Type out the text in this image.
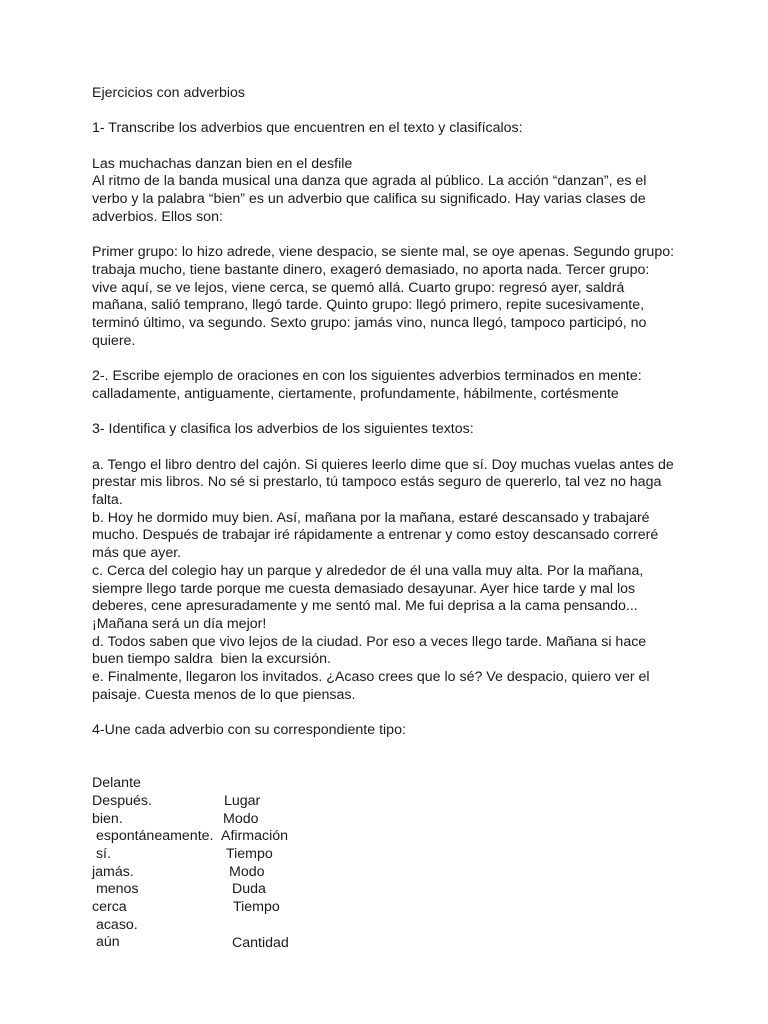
Ejercicios con adverbios

1- Transcribe los adverbios que encuentren en el texto y clasifícalos:

Las muchachas danzan bien en el desfile

Al ritmo de la banda musical una danza que agrada al público. La acción “danzan”, es el

verbo y la palabra “bien” es un adverbio que califica su significado. Hay varias clases de

adverbios. Ellos son:

Primer grupo: lo hizo adrede, viene despacio, se siente mal, se oye apenas. Segundo grupo:

trabaja mucho, tiene bastante dinero, exageró demasiado, no aporta nada. Tercer grupo:

vive aquí, se ve lejos, viene cerca, se quemó allá. Cuarto grupo: regresó ayer, saldrá

mañana, salió temprano, llegó tarde. Quinto grupo: llegó primero, repite sucesivamente,

terminó último, va segundo. Sexto grupo: jamás vino, nunca llegó, tampoco participó, no

quiere.

2-. Escribe ejemplo de oraciones en con los siguientes adverbios terminados en mente:

calladamente, antiguamente, ciertamente, profundamente, hábilmente, cortésmente

3- Identifica y clasifica los adverbios de los siguientes textos:

a. Tengo el libro dentro del cajón. Si quieres leerlo dime que sí. Doy muchas vuelas antes de

prestar mis libros. No sé si prestarlo, tú tampoco estás seguro de quererlo, tal vez no haga

falta.

b. Hoy he dormido muy bien. Así, mañana por la mañana, estaré descansado y trabajaré

mucho. Después de trabajar iré rápidamente a entrenar y como estoy descansado correré

más que ayer.

c. Cerca del colegio hay un parque y alrededor de él una valla muy alta. Por la mañana,

siempre llego tarde porque me cuesta demasiado desayunar. Ayer hice tarde y mal los

deberes, cene apresuradamente y me sentó mal. Me fui deprisa a la cama pensando...

¡Mañana será un día mejor!

d. Todos saben que vivo lejos de la ciudad. Por eso a veces llego tarde. Mañana si hace

buen tiempo saldra  bien la excursión.

e. Finalmente, llegaron los invitados. ¿Acaso crees que lo sé? Ve despacio, quiero ver el

paisaje. Cuesta menos de lo que piensas.

4-Une cada adverbio con su correspondiente tipo:

Delante

Lugar

Después.

Modo

bien.

Afirmación

espontáneamente.

Tiempo

sí.

Modo

jamás.

Duda

menos

Tiempo

cerca

acaso.

Cantidad

aún
